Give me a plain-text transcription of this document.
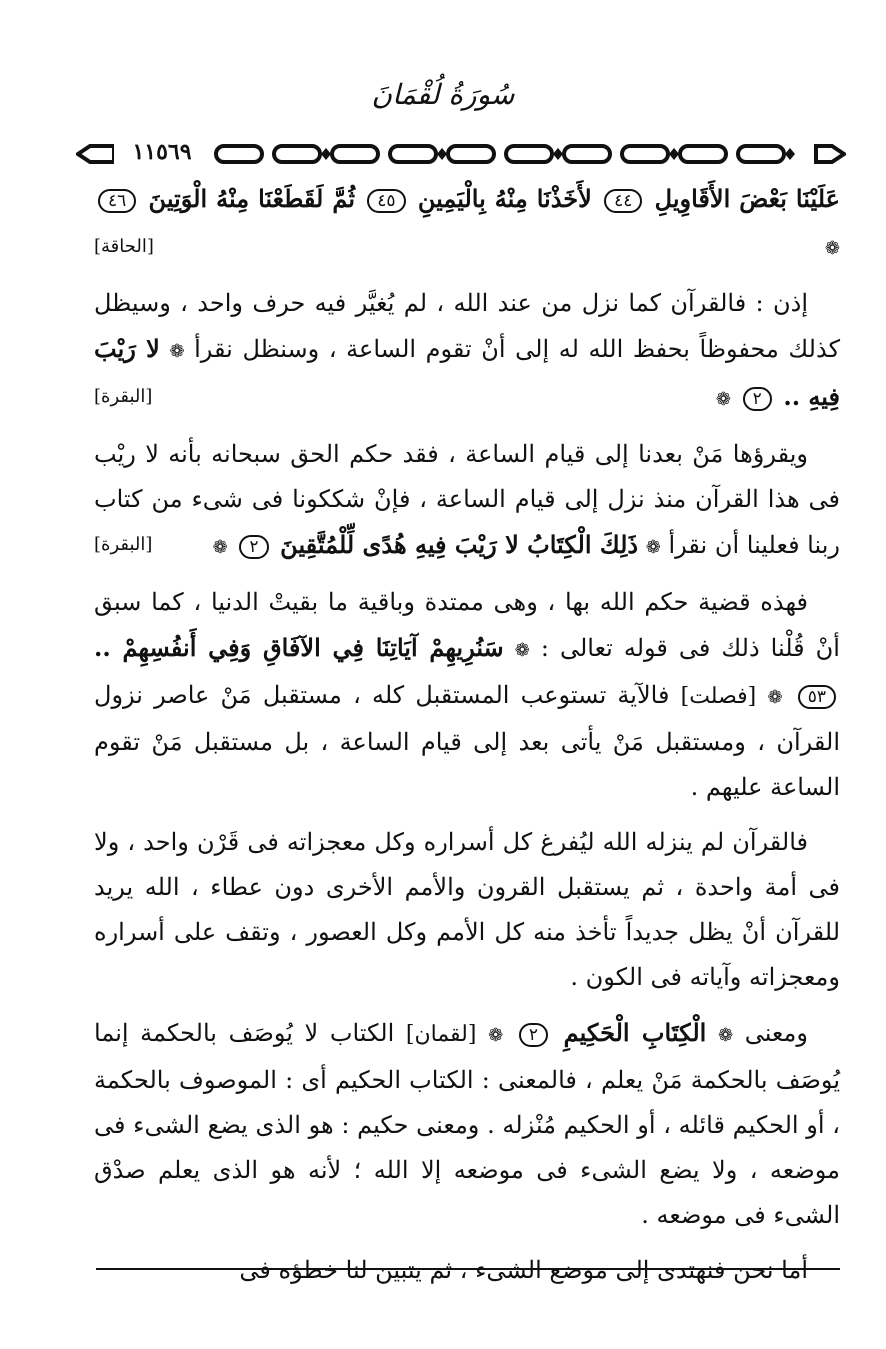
سُورَةُ لُقْمَانَ
١١٥٦٩

عَلَيْنَا بَعْضَ الأَقَاوِيلِ ٤٤ لأَخَذْنَا مِنْهُ بِالْيَمِينِ ٤٥ ثُمَّ لَقَطَعْنَا مِنْهُ الْوَتِينَ ٤٦ ❁
[الحاقة]

إذن : فالقرآن كما نزل من عند الله ، لم يُغيَّر فيه حرف واحد ، وسيظل كذلك محفوظاً بحفظ الله له إلى أنْ تقوم الساعة ، وسنظل نقرأ ❁ لا رَيْبَ فِيهِ .. ٢ ❁
[البقرة]

ويقرؤها مَنْ بعدنا إلى قيام الساعة ، فقد حكم الحق سبحانه بأنه لا ريْب فى هذا القرآن منذ نزل إلى قيام الساعة ، فإنْ شككونا فى شىء من كتاب ربنا فعلينا أن نقرأ ❁ ذَلِكَ الْكِتَابُ لا رَيْبَ فِيهِ هُدًى لِّلْمُتَّقِينَ ٢ ❁
[البقرة]

فهذه قضية حكم الله بها ، وهى ممتدة وباقية ما بقيتْ الدنيا ، كما سبق أنْ قُلْنا ذلك فى قوله تعالى : ❁ سَنُرِيهِمْ آيَاتِنَا فِي الآفَاقِ وَفِي أَنفُسِهِمْ .. ٥٣ ❁ [فصلت] فالآية تستوعب المستقبل كله ، مستقبل مَنْ عاصر نزول القرآن ، ومستقبل مَنْ يأتى بعد إلى قيام الساعة ، بل مستقبل مَنْ تقوم الساعة عليهم .

فالقرآن لم ينزله الله ليُفرغ كل أسراره وكل معجزاته فى قَرْن واحد ، ولا فى أمة واحدة ، ثم يستقبل القرون والأمم الأخرى دون عطاء ، الله يريد للقرآن أنْ يظل جديداً تأخذ منه كل الأمم وكل العصور ، وتقف على أسراره ومعجزاته وآياته فى الكون .

ومعنى ❁ الْكِتَابِ الْحَكِيمِ ٢ ❁ [لقمان] الكتاب لا يُوصَف بالحكمة إنما يُوصَف بالحكمة مَنْ يعلم ، فالمعنى : الكتاب الحكيم أى : الموصوف بالحكمة ، أو الحكيم قائله ، أو الحكيم مُنْزله . ومعنى حكيم : هو الذى يضع الشىء فى موضعه ، ولا يضع الشىء فى موضعه إلا الله ؛ لأنه هو الذى يعلم صدْق الشىء فى موضعه .

أما نحن فنهتدى إلى موضع الشىء ، ثم يتبين لنا خطؤه فى
